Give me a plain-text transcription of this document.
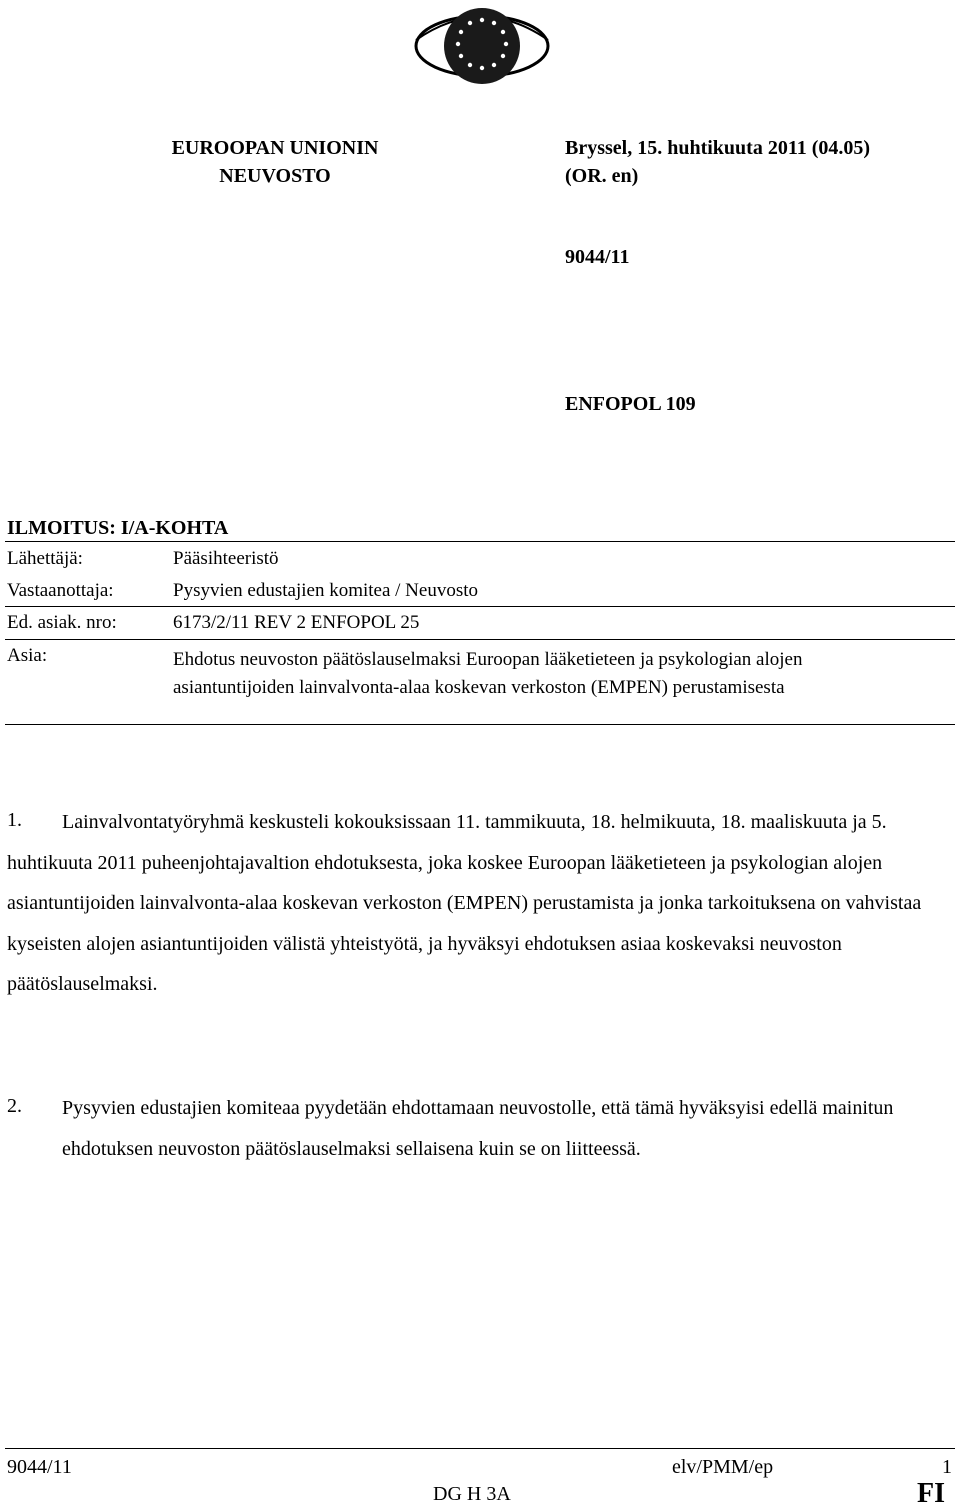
EUROOPAN UNIONIN
NEUVOSTO
Bryssel, 15. huhtikuuta 2011 (04.05)
(OR. en)
9044/11
ENFOPOL 109
ILMOITUS: I/A-KOHTA
Lähettäjä:	Pääsihteeristö
Vastaanottaja:	Pysyvien edustajien komitea / Neuvosto
Ed. asiak. nro:	6173/2/11 REV 2 ENFOPOL 25
Asia:	Ehdotus neuvoston päätöslauselmaksi Euroopan lääketieteen ja psykologian alojen asiantuntijoiden lainvalvonta-alaa koskevan verkoston (EMPEN) perustamisesta
1.	Lainvalvontatyöryhmä keskusteli kokouksissaan 11. tammikuuta, 18. helmikuuta, 18. maaliskuuta ja 5. huhtikuuta 2011 puheenjohtajavaltion ehdotuksesta, joka koskee Euroopan lääketieteen ja psykologian alojen asiantuntijoiden lainvalvonta-alaa koskevan verkoston (EMPEN) perustamista ja jonka tarkoituksena on vahvistaa kyseisten alojen asiantuntijoiden välistä yhteistyötä, ja hyväksyi ehdotuksen asiaa koskevaksi neuvoston päätöslauselmaksi.
2. Pysyvien edustajien komiteaa pyydetään ehdottamaan neuvostolle, että tämä hyväksyisi edellä mainitun ehdotuksen neuvoston päätöslauselmaksi sellaisena kuin se on liitteessä.
9044/11
DG H 3A
elv/PMM/ep	1
FI
